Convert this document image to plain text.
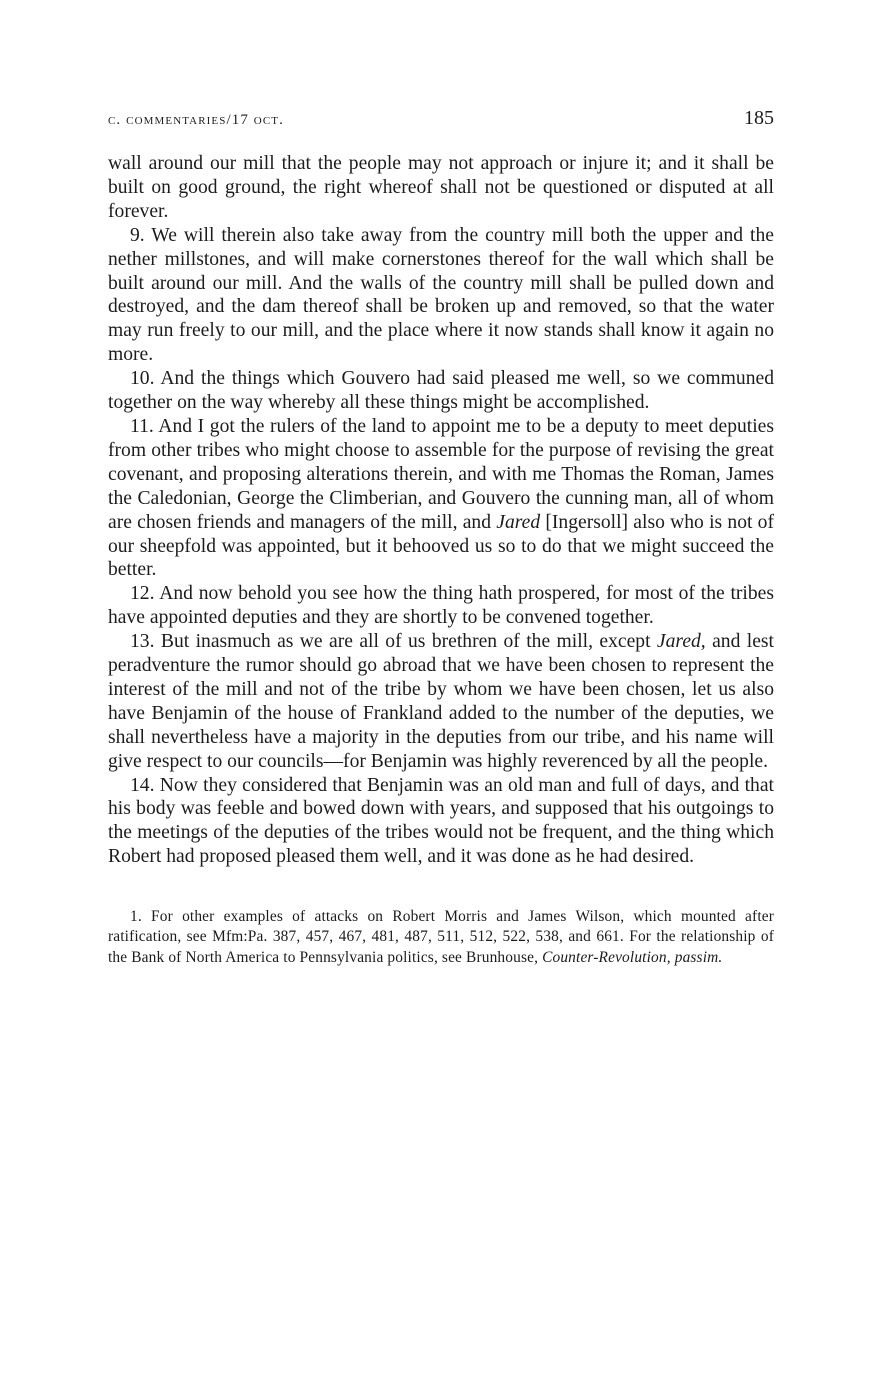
c. commentaries/17 oct.	185

wall around our mill that the people may not approach or injure it; and it shall be built on good ground, the right whereof shall not be questioned or disputed at all forever.

9. We will therein also take away from the country mill both the upper and the nether millstones, and will make cornerstones thereof for the wall which shall be built around our mill. And the walls of the country mill shall be pulled down and destroyed, and the dam thereof shall be broken up and removed, so that the water may run freely to our mill, and the place where it now stands shall know it again no more.

10. And the things which Gouvero had said pleased me well, so we communed together on the way whereby all these things might be accomplished.

11. And I got the rulers of the land to appoint me to be a deputy to meet deputies from other tribes who might choose to assemble for the purpose of revising the great covenant, and proposing alterations therein, and with me Thomas the Roman, James the Caledonian, George the Climberian, and Gouvero the cunning man, all of whom are chosen friends and managers of the mill, and Jared [Ingersoll] also who is not of our sheepfold was appointed, but it behooved us so to do that we might succeed the better.

12. And now behold you see how the thing hath prospered, for most of the tribes have appointed deputies and they are shortly to be convened together.

13. But inasmuch as we are all of us brethren of the mill, except Jared, and lest peradventure the rumor should go abroad that we have been chosen to represent the interest of the mill and not of the tribe by whom we have been chosen, let us also have Benjamin of the house of Frankland added to the number of the deputies, we shall nevertheless have a majority in the deputies from our tribe, and his name will give respect to our councils—for Benjamin was highly reverenced by all the people.

14. Now they considered that Benjamin was an old man and full of days, and that his body was feeble and bowed down with years, and supposed that his outgoings to the meetings of the deputies of the tribes would not be frequent, and the thing which Robert had proposed pleased them well, and it was done as he had desired.

1. For other examples of attacks on Robert Morris and James Wilson, which mounted after ratification, see Mfm:Pa. 387, 457, 467, 481, 487, 511, 512, 522, 538, and 661. For the relationship of the Bank of North America to Pennsylvania politics, see Brunhouse, Counter-Revolution, passim.
